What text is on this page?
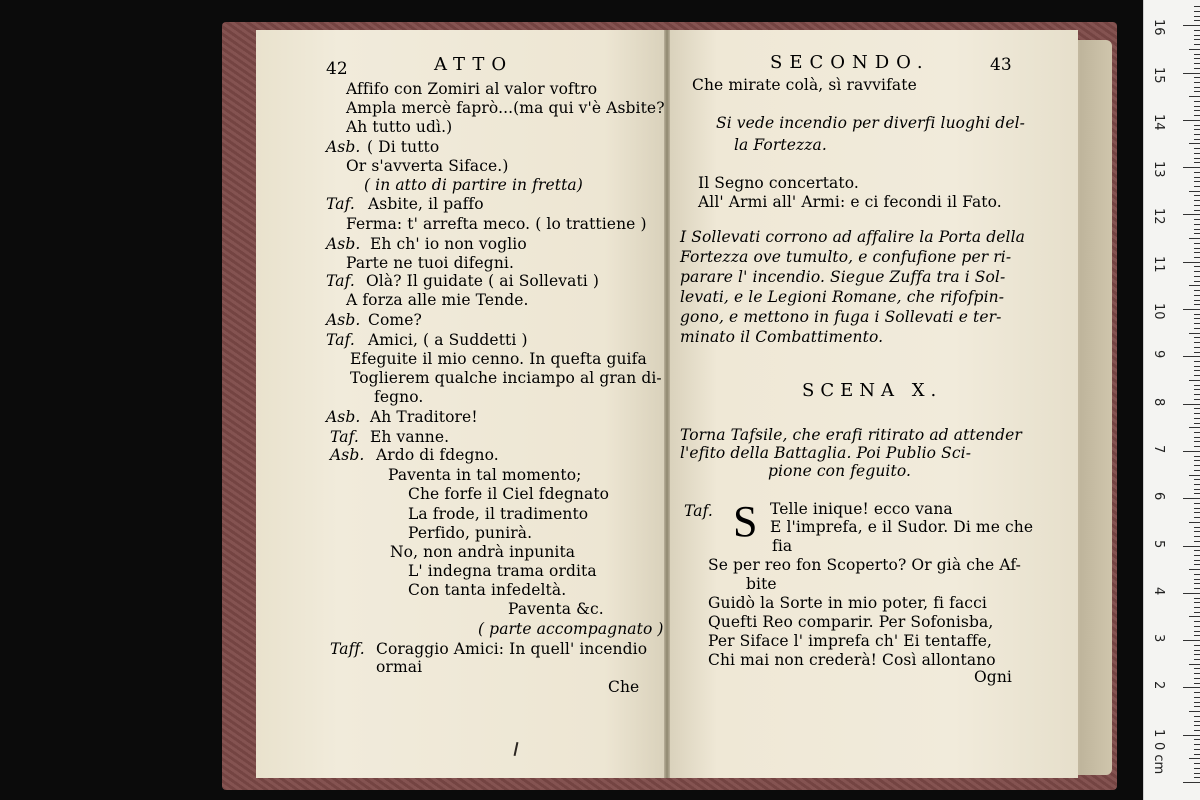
42	ATTO
Affifo con Zomiri al valor voftro
Ampla mercè faprò...(ma qui v'è Asbite?
Ah tutto udì.)
Asb. ( Di tutto
Or s'avverta Siface.)
( in atto di partire in fretta)
Taf. Asbite, il paffo
Ferma: t' arrefta meco. ( lo trattiene )
Asb. Eh ch' io non voglio
Parte ne tuoi difegni.
Taf. Olà? Il guidate ( ai Sollevati )
A forza alle mie Tende.
Asb. Come?
Taf. Amici, ( a Suddetti )
Efeguite il mio cenno. In quefta guifa
Toglierem qualche inciampo al gran di-
fegno.
Asb. Ah Traditore!
Taf. Eh vanne.
Asb. Ardo di fdegno.
Paventa in tal momento;
Che forfe il Ciel fdegnato
La frode, il tradimento
Perfido, punirà.
No, non andrà inpunita
L' indegna trama ordita
Con tanta infedeltà.
Paventa &c.
( parte accompagnato )
Taff. Coraggio Amici: In quell' incendio
ormai
Che
SECONDO.	43
Che mirate colà, sì ravvifate
Si vede incendio per diverfi luoghi del-
la Fortezza.
Il Segno concertato.
All' Armi all' Armi: e ci fecondi il Fato.
I Sollevati corrono ad affalire la Porta della
Fortezza ove tumulto, e confufione per ri-
parare l' incendio. Siegue Zuffa tra i Sol-
levati, e le Legioni Romane, che rifofpin-
gono, e mettono in fuga i Sollevati e ter-
minato il Combattimento.
SCENA X.
Torna Tafsile, che erafi ritirato ad attender
l'efito della Battaglia. Poi Publio Sci-
pione con feguito.
Taf. S Telle inique! ecco vana
E l'imprefa, e il Sudor. Di me che
fia
Se per reo fon Scoperto? Or già che Af-
bite
Guidò la Sorte in mio poter, fi facci
Quefti Reo comparir. Per Sofonisba,
Per Siface l' imprefa ch' Ei tentaffe,
Chi mai non crederà! Così allontano
Ogni
0 cm
1
2
3
4
5
6
7
8
9
10
11
12
13
14
15
16
